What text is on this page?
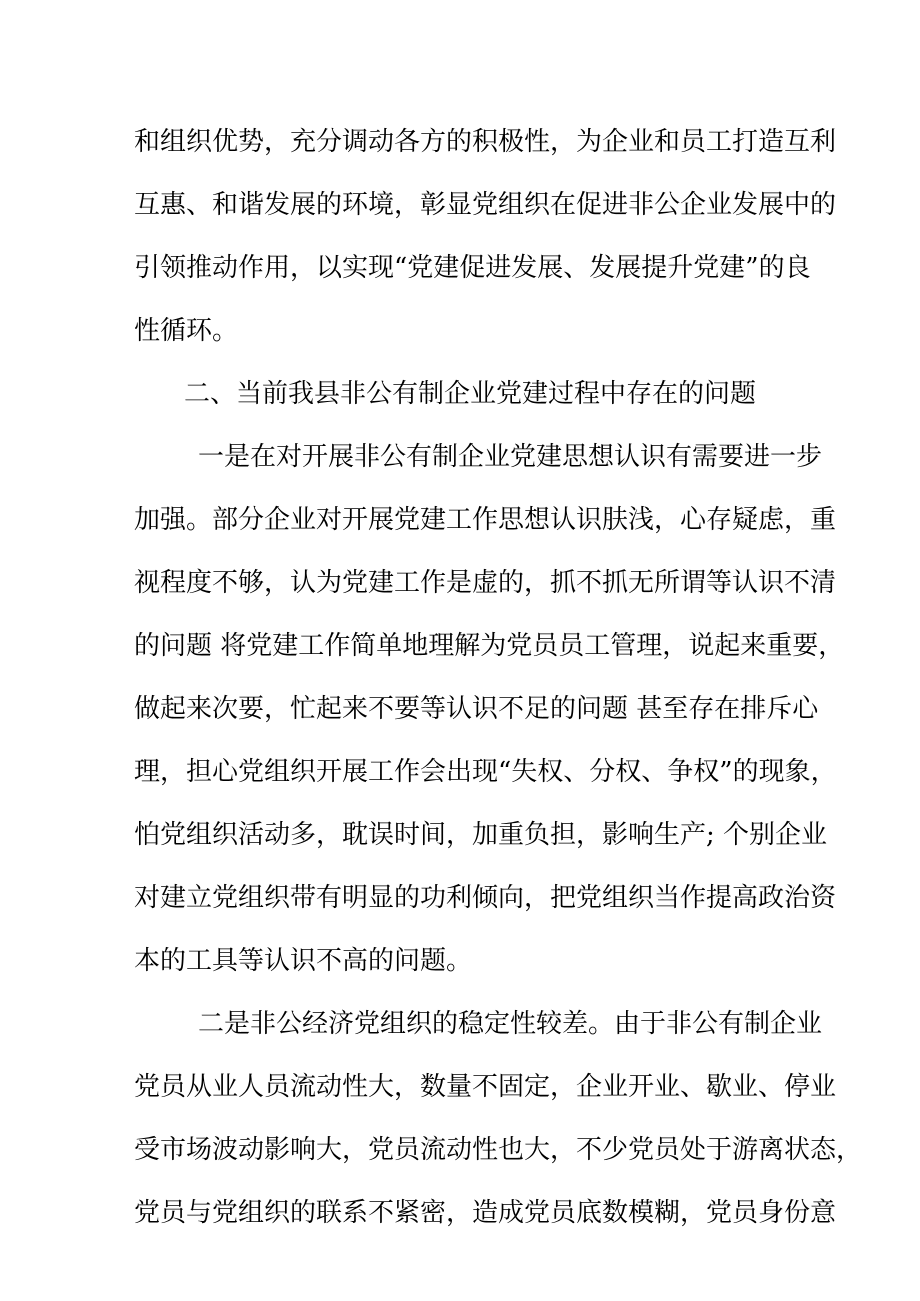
和组织优势，充分调动各方的积极性，为企业和员工打造互利
互惠、和谐发展的环境，彰显党组织在促进非公企业发展中的
引领推动作用，以实现“党建促进发展、发展提升党建”的良
性循环。
二、当前我县非公有制企业党建过程中存在的问题
一是在对开展非公有制企业党建思想认识有需要进一步
加强。部分企业对开展党建工作思想认识肤浅，心存疑虑，重
视程度不够，认为党建工作是虚的，抓不抓无所谓等认识不清
的问题 将党建工作简单地理解为党员员工管理，说起来重要，
做起来次要，忙起来不要等认识不足的问题 甚至存在排斥心
理，担心党组织开展工作会出现“失权、分权、争权”的现象，
怕党组织活动多，耽误时间，加重负担，影响生产; 个别企业
对建立党组织带有明显的功利倾向，把党组织当作提高政治资
本的工具等认识不高的问题。
二是非公经济党组织的稳定性较差。由于非公有制企业
党员从业人员流动性大，数量不固定，企业开业、歇业、停业
受市场波动影响大，党员流动性也大，不少党员处于游离状态，
党员与党组织的联系不紧密，造成党员底数模糊，党员身份意
